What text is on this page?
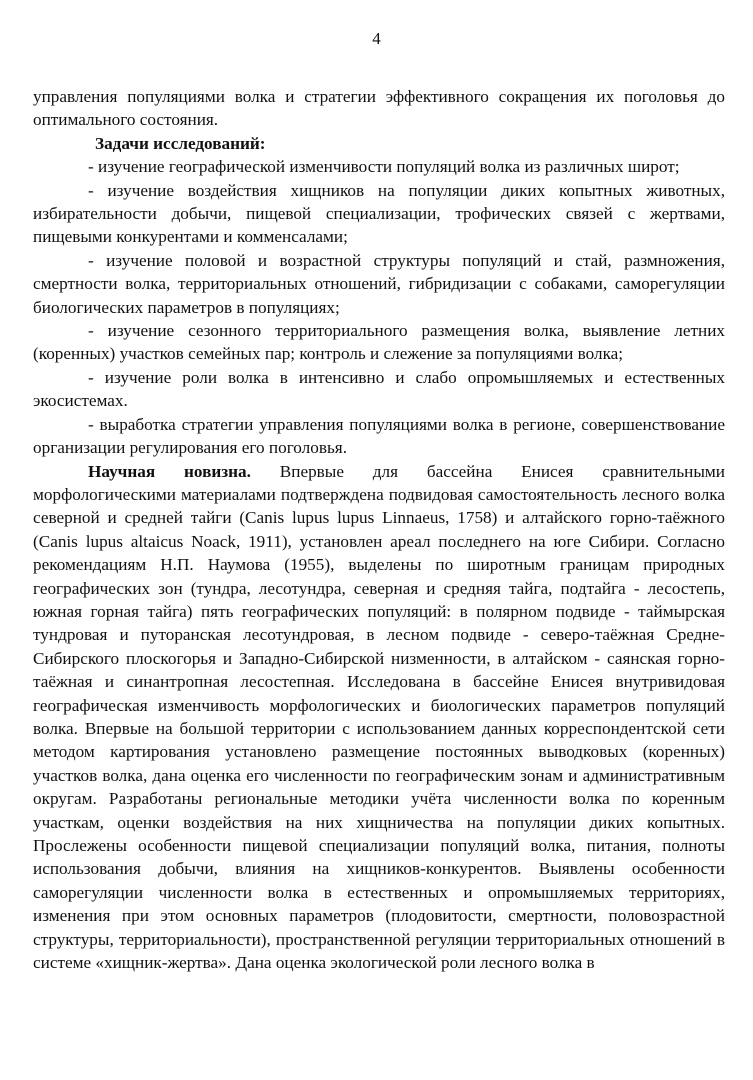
4

управления популяциями волка и стратегии эффективного сокращения их поголовья до оптимального состояния.

Задачи исследований:

- изучение географической изменчивости популяций волка из различных широт;

- изучение воздействия хищников на популяции диких копытных животных, избирательности добычи, пищевой специализации, трофических связей с жертвами, пищевыми конкурентами и комменсалами;

- изучение половой и возрастной структуры популяций и стай, размножения, смертности волка, территориальных отношений, гибридизации с собаками, саморегуляции биологических параметров в популяциях;

- изучение сезонного территориального размещения волка, выявление летних (коренных) участков семейных пар; контроль и слежение за популяциями волка;

- изучение роли волка в интенсивно и слабо опромышляемых и естественных экосистемах.

- выработка стратегии управления популяциями волка в регионе, совершенствование организации регулирования его поголовья.

Научная новизна. Впервые для бассейна Енисея сравнительными морфологическими материалами подтверждена подвидовая самостоятельность лесного волка северной и средней тайги (Canis lupus lupus Linnaeus, 1758) и алтайского горно-таёжного (Canis lupus altaicus Noack, 1911), установлен ареал последнего на юге Сибири. Согласно рекомендациям Н.П. Наумова (1955), выделены по широтным границам природных географических зон (тундра, лесотундра, северная и средняя тайга, подтайга - лесостепь, южная горная тайга) пять географических популяций: в полярном подвиде - таймырская тундровая и путоранская лесотундровая, в лесном подвиде - северо-таёжная Средне-Сибирского плоскогорья и Западно-Сибирской низменности, в алтайском - саянская горно-таёжная и синантропная лесостепная. Исследована в бассейне Енисея внутривидовая географическая изменчивость морфологических и биологических параметров популяций волка. Впервые на большой территории с использованием данных корреспондентской сети методом картирования установлено размещение постоянных выводковых (коренных) участков волка, дана оценка его численности по географическим зонам и административным округам. Разработаны региональные методики учёта численности волка по коренным участкам, оценки воздействия на них хищничества на популяции диких копытных. Прослежены особенности пищевой специализации популяций волка, питания, полноты использования добычи, влияния на хищников-конкурентов. Выявлены особенности саморегуляции численности волка в естественных и опромышляемых территориях, изменения при этом основных параметров (плодовитости, смертности, половозрастной структуры, территориальности), пространственной регуляции территориальных отношений в системе «хищник-жертва». Дана оценка экологической роли лесного волка в
